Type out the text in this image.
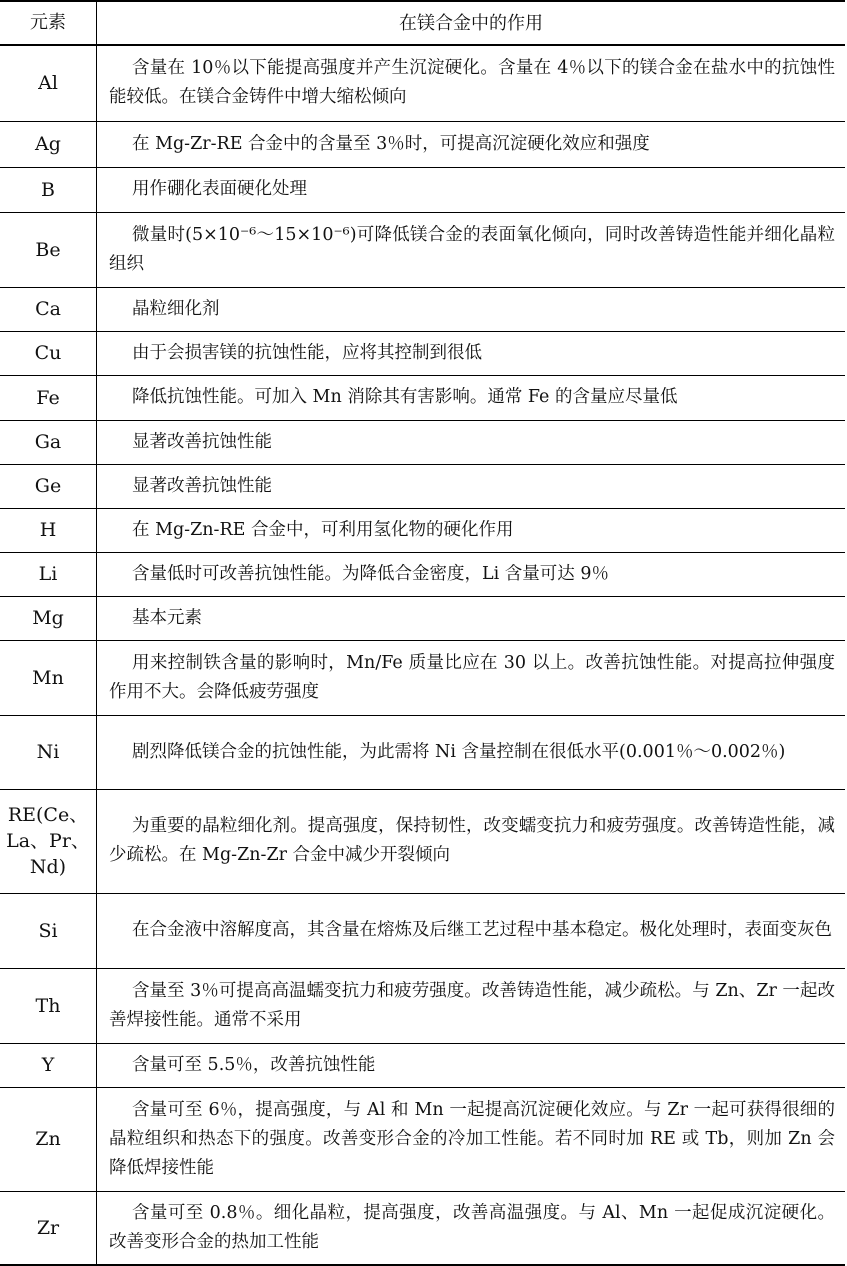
元素	在镁合金中的作用
Al	含量在 10％以下能提高强度并产生沉淀硬化。含量在 4％以下的镁合金在盐水中的抗蚀性能较低。在镁合金铸件中增大缩松倾向

Ag	在 Mg-Zr-RE 合金中的含量至 3％时，可提高沉淀硬化效应和强度

B	用作硼化表面硬化处理

Be	微量时(5×10⁻⁶～15×10⁻⁶)可降低镁合金的表面氧化倾向，同时改善铸造性能并细化晶粒组织

Ca	晶粒细化剂

Cu	由于会损害镁的抗蚀性能，应将其控制到很低

Fe	降低抗蚀性能。可加入 Mn 消除其有害影响。通常 Fe 的含量应尽量低

Ga	显著改善抗蚀性能

Ge	显著改善抗蚀性能

H	在 Mg-Zn-RE 合金中，可利用氢化物的硬化作用

Li	含量低时可改善抗蚀性能。为降低合金密度，Li 含量可达 9％

Mg	基本元素

Mn	用来控制铁含量的影响时，Mn/Fe 质量比应在 30 以上。改善抗蚀性能。对提高拉伸强度作用不大。会降低疲劳强度

Ni	剧烈降低镁合金的抗蚀性能，为此需将 Ni 含量控制在很低水平(0.001％～0.002％)

RE(Ce、La、Pr、Nd)	为重要的晶粒细化剂。提高强度，保持韧性，改变蠕变抗力和疲劳强度。改善铸造性能，减少疏松。在 Mg-Zn-Zr 合金中减少开裂倾向

Si	在合金液中溶解度高，其含量在熔炼及后继工艺过程中基本稳定。极化处理时，表面变灰色

Th	含量至 3％可提高高温蠕变抗力和疲劳强度。改善铸造性能，减少疏松。与 Zn、Zr 一起改善焊接性能。通常不采用

Y	含量可至 5.5％，改善抗蚀性能

Zn	含量可至 6％，提高强度，与 Al 和 Mn 一起提高沉淀硬化效应。与 Zr 一起可获得很细的晶粒组织和热态下的强度。改善变形合金的冷加工性能。若不同时加 RE 或 Tb，则加 Zn 会降低焊接性能

Zr	含量可至 0.8％。细化晶粒，提高强度，改善高温强度。与 Al、Mn 一起促成沉淀硬化。改善变形合金的热加工性能
